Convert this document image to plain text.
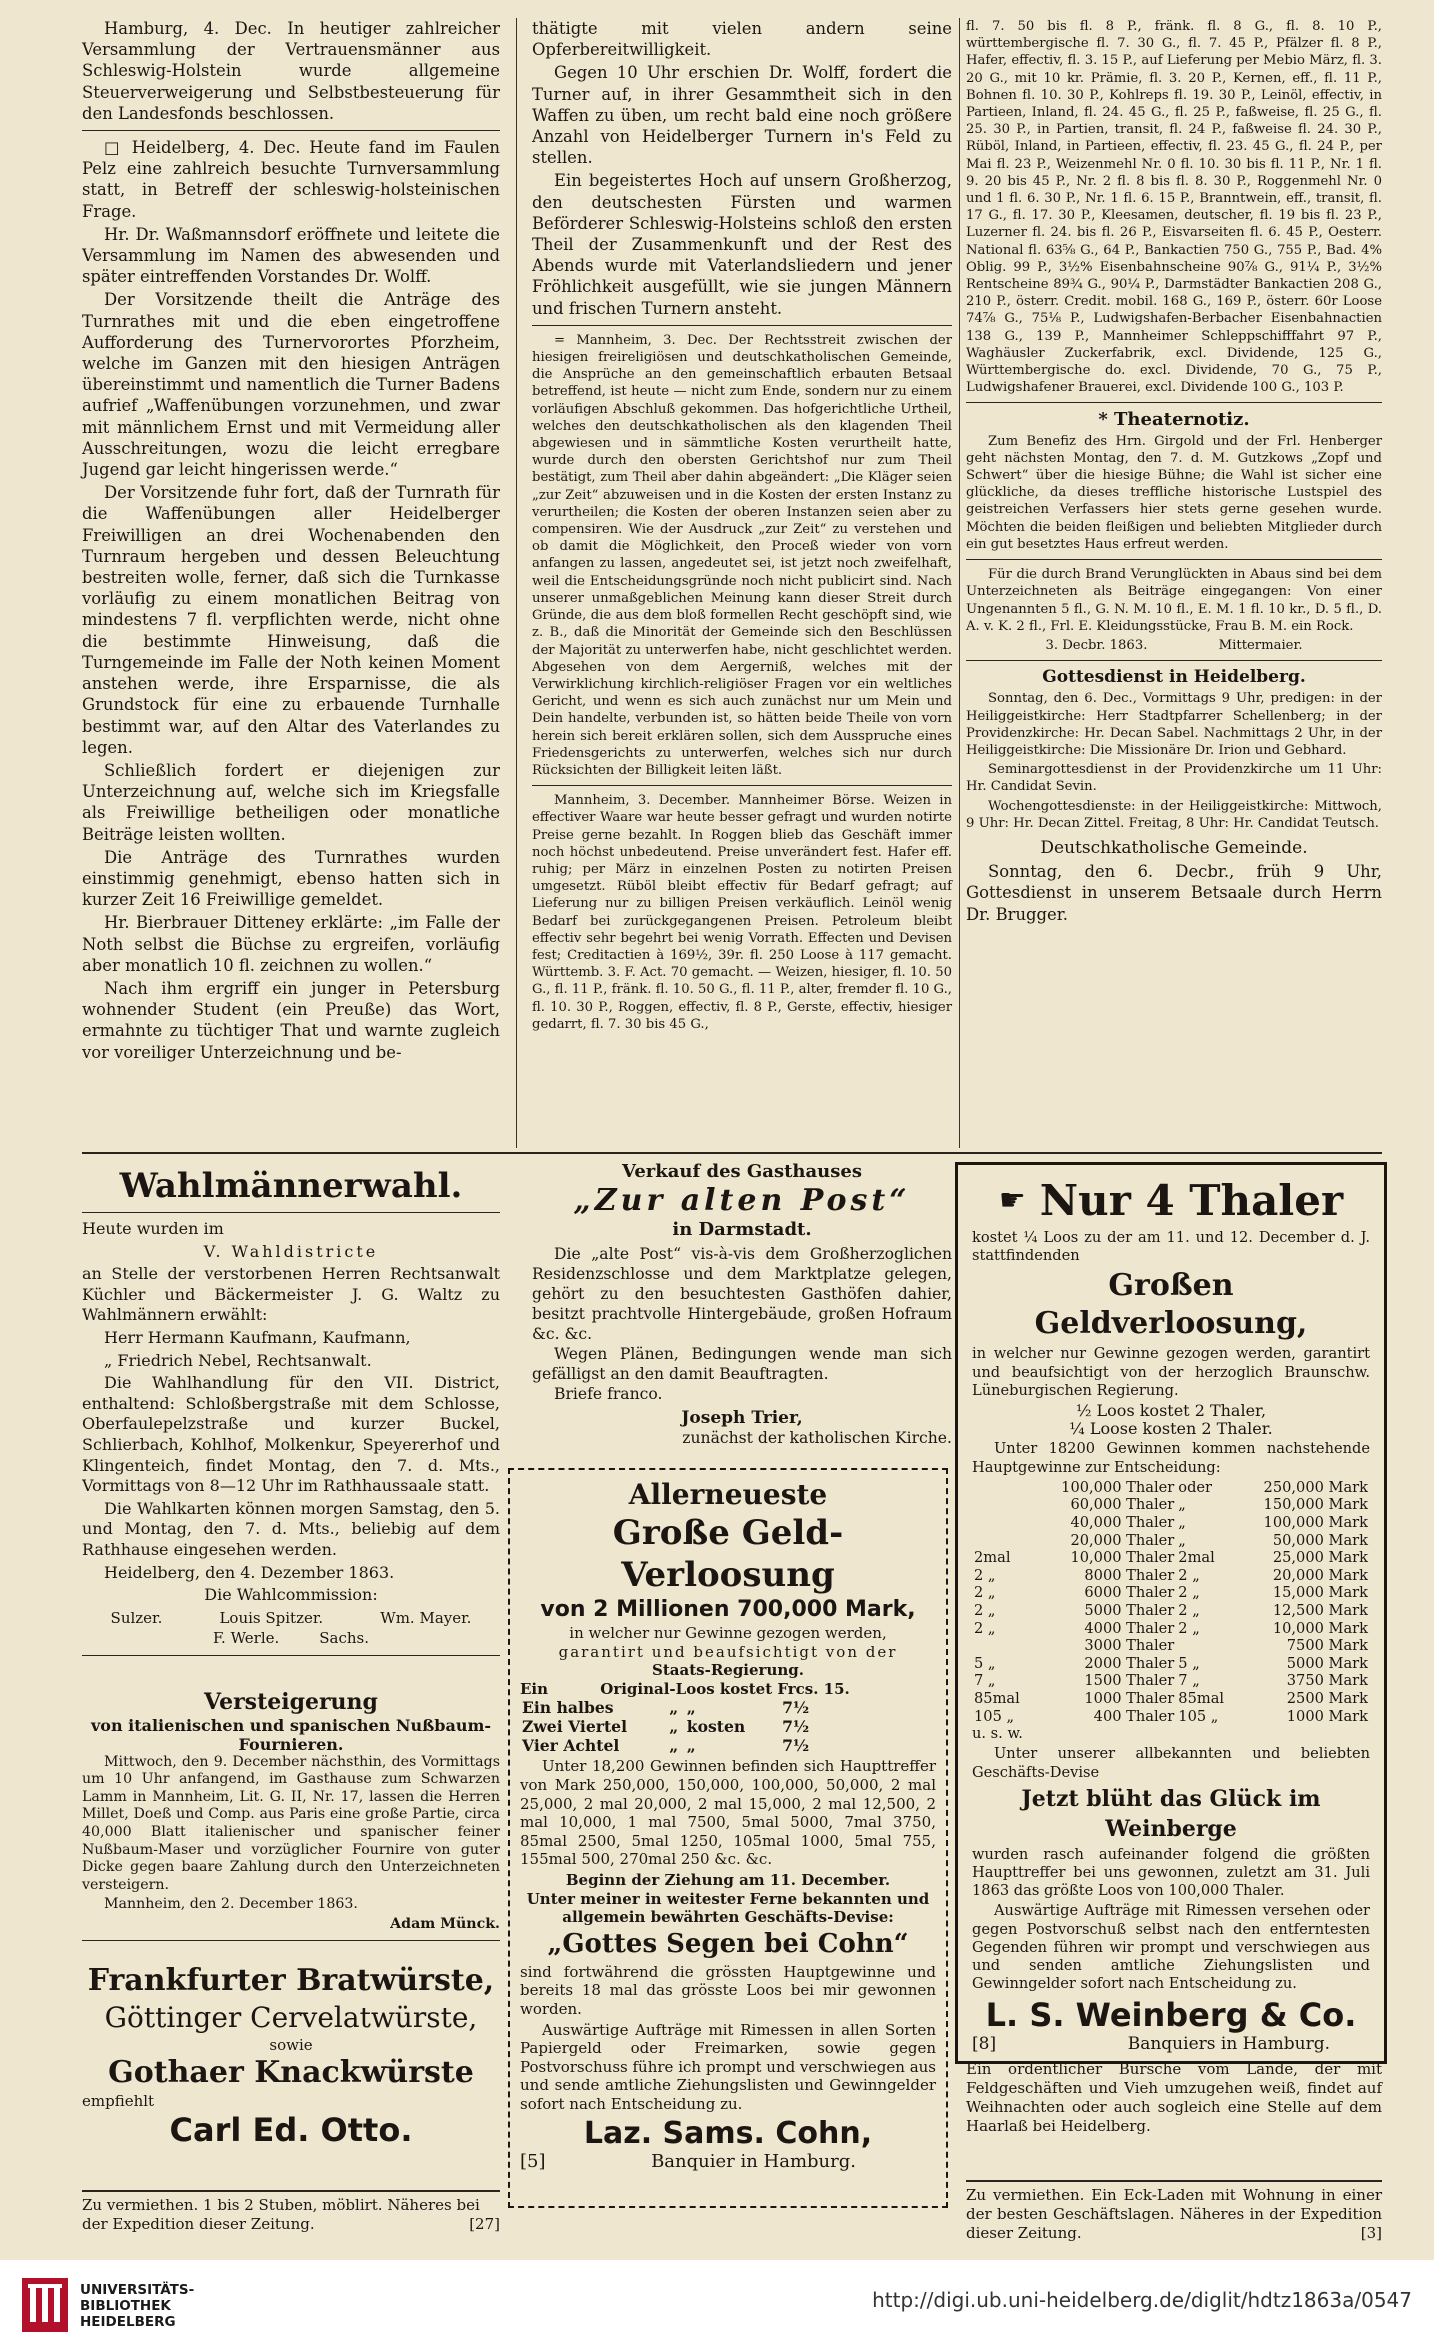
Hamburg, 4. Dec. In heutiger zahlreicher Versammlung der Vertrauensmänner aus Schleswig-Holstein wurde allgemeine Steuerverweigerung und Selbstbesteuerung für den Landesfonds beschlossen.

□ Heidelberg, 4. Dec. Heute fand im Faulen Pelz eine zahlreich besuchte Turnversammlung statt, in Betreff der schleswig-holsteinischen Frage.

Hr. Dr. Waßmannsdorf eröffnete und leitete die Versammlung im Namen des abwesenden und später eintreffenden Vorstandes Dr. Wolff.

Der Vorsitzende theilt die Anträge des Turnrathes mit und die eben eingetroffene Aufforderung des Turnervorortes Pforzheim, welche im Ganzen mit den hiesigen Anträgen übereinstimmt und namentlich die Turner Badens aufrief „Waffenübungen vorzunehmen, und zwar mit männlichem Ernst und mit Vermeidung aller Ausschreitungen, wozu die leicht erregbare Jugend gar leicht hingerissen werde.“

Der Vorsitzende fuhr fort, daß der Turnrath für die Waffenübungen aller Heidelberger Freiwilligen an drei Wochenabenden den Turnraum hergeben und dessen Beleuchtung bestreiten wolle, ferner, daß sich die Turnkasse vorläufig zu einem monatlichen Beitrag von mindestens 7 fl. verpflichten werde, nicht ohne die bestimmte Hinweisung, daß die Turngemeinde im Falle der Noth keinen Moment anstehen werde, ihre Ersparnisse, die als Grundstock für eine zu erbauende Turnhalle bestimmt war, auf den Altar des Vaterlandes zu legen.

Schließlich fordert er diejenigen zur Unterzeichnung auf, welche sich im Kriegsfalle als Freiwillige betheiligen oder monatliche Beiträge leisten wollten.

Die Anträge des Turnrathes wurden einstimmig genehmigt, ebenso hatten sich in kurzer Zeit 16 Freiwillige gemeldet.

Hr. Bierbrauer Ditteney erklärte: „im Falle der Noth selbst die Büchse zu ergreifen, vorläufig aber monatlich 10 fl. zeichnen zu wollen.“

Nach ihm ergriff ein junger in Petersburg wohnender Student (ein Preuße) das Wort, ermahnte zu tüchtiger That und warnte zugleich vor voreiliger Unterzeichnung und be-

thätigte mit vielen andern seine Opferbereitwilligkeit.

Gegen 10 Uhr erschien Dr. Wolff, fordert die Turner auf, in ihrer Gesammtheit sich in den Waffen zu üben, um recht bald eine noch größere Anzahl von Heidelberger Turnern in's Feld zu stellen.

Ein begeistertes Hoch auf unsern Großherzog, den deutschesten Fürsten und warmen Beförderer Schleswig-Holsteins schloß den ersten Theil der Zusammenkunft und der Rest des Abends wurde mit Vaterlandsliedern und jener Fröhlichkeit ausgefüllt, wie sie jungen Männern und frischen Turnern ansteht.

= Mannheim, 3. Dec. Der Rechtsstreit zwischen der hiesigen freireligiösen und deutschkatholischen Gemeinde, die Ansprüche an den gemeinschaftlich erbauten Betsaal betreffend, ist heute — nicht zum Ende, sondern nur zu einem vorläufigen Abschluß gekommen. Das hofgerichtliche Urtheil, welches den deutschkatholischen als den klagenden Theil abgewiesen und in sämmtliche Kosten verurtheilt hatte, wurde durch den obersten Gerichtshof nur zum Theil bestätigt, zum Theil aber dahin abgeändert: „Die Kläger seien „zur Zeit“ abzuweisen und in die Kosten der ersten Instanz zu verurtheilen; die Kosten der oberen Instanzen seien aber zu compensiren. Wie der Ausdruck „zur Zeit“ zu verstehen und ob damit die Möglichkeit, den Proceß wieder von vorn anfangen zu lassen, angedeutet sei, ist jetzt noch zweifelhaft, weil die Entscheidungsgründe noch nicht publicirt sind. Nach unserer unmaßgeblichen Meinung kann dieser Streit durch Gründe, die aus dem bloß formellen Recht geschöpft sind, wie z. B., daß die Minorität der Gemeinde sich den Beschlüssen der Majorität zu unterwerfen habe, nicht geschlichtet werden. Abgesehen von dem Aergerniß, welches mit der Verwirklichung kirchlich-religiöser Fragen vor ein weltliches Gericht, und wenn es sich auch zunächst nur um Mein und Dein handelte, verbunden ist, so hätten beide Theile von vorn herein sich bereit erklären sollen, sich dem Ausspruche eines Friedensgerichts zu unterwerfen, welches sich nur durch Rücksichten der Billigkeit leiten läßt.

Mannheim, 3. December. Mannheimer Börse. Weizen in effectiver Waare war heute besser gefragt und wurden notirte Preise gerne bezahlt. In Roggen blieb das Geschäft immer noch höchst unbedeutend. Preise unverändert fest. Hafer eff. ruhig; per März in einzelnen Posten zu notirten Preisen umgesetzt. Rüböl bleibt effectiv für Bedarf gefragt; auf Lieferung nur zu billigen Preisen verkäuflich. Leinöl wenig Bedarf bei zurückgegangenen Preisen. Petroleum bleibt effectiv sehr begehrt bei wenig Vorrath. Effecten und Devisen fest; Creditactien à 169½, 39r. fl. 250 Loose à 117 gemacht. Württemb. 3. F. Act. 70 gemacht. — Weizen, hiesiger, fl. 10. 50 G., fl. 11 P., fränk. fl. 10. 50 G., fl. 11 P., alter, fremder fl. 10 G., fl. 10. 30 P., Roggen, effectiv, fl. 8 P., Gerste, effectiv, hiesiger gedarrt, fl. 7. 30 bis 45 G.,

fl. 7. 50 bis fl. 8 P., fränk. fl. 8 G., fl. 8. 10 P., württembergische fl. 7. 30 G., fl. 7. 45 P., Pfälzer fl. 8 P., Hafer, effectiv, fl. 3. 15 P., auf Lieferung per Mebio März, fl. 3. 20 G., mit 10 kr. Prämie, fl. 3. 20 P., Kernen, eff., fl. 11 P., Bohnen fl. 10. 30 P., Kohlreps fl. 19. 30 P., Leinöl, effectiv, in Partieen, Inland, fl. 24. 45 G., fl. 25 P., faßweise, fl. 25 G., fl. 25. 30 P., in Partien, transit, fl. 24 P., faßweise fl. 24. 30 P., Rüböl, Inland, in Partieen, effectiv, fl. 23. 45 G., fl. 24 P., per Mai fl. 23 P., Weizenmehl Nr. 0 fl. 10. 30 bis fl. 11 P., Nr. 1 fl. 9. 20 bis 45 P., Nr. 2 fl. 8 bis fl. 8. 30 P., Roggenmehl Nr. 0 und 1 fl. 6. 30 P., Nr. 1 fl. 6. 15 P., Branntwein, eff., transit, fl. 17 G., fl. 17. 30 P., Kleesamen, deutscher, fl. 19 bis fl. 23 P., Luzerner fl. 24. bis fl. 26 P., Eisvarseiten fl. 6. 45 P., Oesterr. National fl. 63⅝ G., 64 P., Bankactien 750 G., 755 P., Bad. 4% Oblig. 99 P., 3½% Eisenbahnscheine 90⅞ G., 91¼ P., 3½% Rentscheine 89¾ G., 90¼ P., Darmstädter Bankactien 208 G., 210 P., österr. Credit. mobil. 168 G., 169 P., österr. 60r Loose 74⅞ G., 75⅛ P., Ludwigshafen-Berbacher Eisenbahnactien 138 G., 139 P., Mannheimer Schleppschifffahrt 97 P., Waghäusler Zuckerfabrik, excl. Dividende, 125 G., Württembergische do. excl. Dividende, 70 G., 75 P., Ludwigshafener Brauerei, excl. Dividende 100 G., 103 P.

* Theaternotiz.

Zum Benefiz des Hrn. Girgold und der Frl. Henberger geht nächsten Montag, den 7. d. M. Gutzkows „Zopf und Schwert“ über die hiesige Bühne; die Wahl ist sicher eine glückliche, da dieses treffliche historische Lustspiel des geistreichen Verfassers hier stets gerne gesehen wurde. Möchten die beiden fleißigen und beliebten Mitglieder durch ein gut besetztes Haus erfreut werden.

Für die durch Brand Verunglückten in Abaus sind bei dem Unterzeichneten als Beiträge eingegangen: Von einer Ungenannten 5 fl., G. N. M. 10 fl., E. M. 1 fl. 10 kr., D. 5 fl., D. A. v. K. 2 fl., Frl. E. Kleidungsstücke, Frau B. M. ein Rock.

3. Decbr. 1863.                 Mittermaier.

Gottesdienst in Heidelberg.

Sonntag, den 6. Dec., Vormittags 9 Uhr, predigen: in der Heiliggeistkirche: Herr Stadtpfarrer Schellenberg; in der Providenzkirche: Hr. Decan Sabel. Nachmittags 2 Uhr, in der Heiliggeistkirche: Die Missionäre Dr. Irion und Gebhard.

Seminargottesdienst in der Providenzkirche um 11 Uhr: Hr. Candidat Sevin.

Wochengottesdienste: in der Heiliggeistkirche: Mittwoch, 9 Uhr: Hr. Decan Zittel. Freitag, 8 Uhr: Hr. Candidat Teutsch.

Deutschkatholische Gemeinde.

Sonntag, den 6. Decbr., früh 9 Uhr, Gottesdienst in unserem Betsaale durch Herrn Dr. Brugger.

Wahlmännerwahl.

Heute wurden im

V. Wahldistricte

an Stelle der verstorbenen Herren Rechtsanwalt Küchler und Bäckermeister J. G. Waltz zu Wahlmännern erwählt:

Herr Hermann Kaufmann, Kaufmann,

„ Friedrich Nebel, Rechtsanwalt.

Die Wahlhandlung für den VII. District, enthaltend: Schloßbergstraße mit dem Schlosse, Oberfaulepelzstraße und kurzer Buckel, Schlierbach, Kohlhof, Molkenkur, Speyererhof und Klingenteich, findet Montag, den 7. d. Mts., Vormittags von 8—12 Uhr im Rathhaussaale statt.

Die Wahlkarten können morgen Samstag, den 5. und Montag, den 7. d. Mts., beliebig auf dem Rathhause eingesehen werden.

Heidelberg, den 4. Dezember 1863.

Die Wahlcommission:

Sulzer.	Louis Spitzer.	Wm. Mayer.
F. Werle.	Sachs.
Versteigerung
von italienischen und spanischen Nußbaum-Fournieren.

Mittwoch, den 9. December nächsthin, des Vormittags um 10 Uhr anfangend, im Gasthause zum Schwarzen Lamm in Mannheim, Lit. G. II, Nr. 17, lassen die Herren Millet, Doeß und Comp. aus Paris eine große Partie, circa 40,000 Blatt italienischer und spanischer feiner Nußbaum-Maser und vorzüglicher Fournire von guter Dicke gegen baare Zahlung durch den Unterzeichneten versteigern.

Mannheim, den 2. December 1863.

Adam Münck.

Frankfurter Bratwürste,
Göttinger Cervelatwürste,
sowie
Gothaer Knackwürste
empfiehlt
Carl Ed. Otto.
Zu vermiethen. 1 bis 2 Stuben, möblirt. Näheres bei der Expedition dieser Zeitung.	[27]
Verkauf des Gasthauses
„Zur alten Post“
in Darmstadt.

Die „alte Post“ vis-à-vis dem Großherzoglichen Residenzschlosse und dem Marktplatze gelegen, gehört zu den besuchtesten Gasthöfen dahier, besitzt prachtvolle Hintergebäude, großen Hofraum &c. &c.

Wegen Plänen, Bedingungen wende man sich gefälligst an den damit Beauftragten.

Briefe franco.

Joseph Trier,

zunächst der katholischen Kirche.

Allerneueste
Große Geld-Verloosung
von 2 Millionen 700,000 Mark,
in welcher nur Gewinne gezogen werden,
garantirt und beaufsichtigt von der
Staats-Regierung.
Ein          Original-Loos kostet Frcs. 15.
Ein halbes	„	„	7½
Zwei Viertel	„	kosten	7½
Vier Achtel	„	„	7½

Unter 18,200 Gewinnen befinden sich Haupttreffer von Mark 250,000, 150,000, 100,000, 50,000, 2 mal 25,000, 2 mal 20,000, 2 mal 15,000, 2 mal 12,500, 2 mal 10,000, 1 mal 7500, 5mal 5000, 7mal 3750, 85mal 2500, 5mal 1250, 105mal 1000, 5mal 755, 155mal 500, 270mal 250 &c. &c.

Beginn der Ziehung am 11. December.
Unter meiner in weitester Ferne bekannten und allgemein bewährten Geschäfts-Devise:
„Gottes Segen bei Cohn“

sind fortwährend die grössten Hauptgewinne und bereits 18 mal das grösste Loos bei mir gewonnen worden.

Auswärtige Aufträge mit Rimessen in allen Sorten Papiergeld oder Freimarken, sowie gegen Postvorschuss führe ich prompt und verschwiegen aus und sende amtliche Ziehungslisten und Gewinngelder sofort nach Entscheidung zu.

Laz. Sams. Cohn,
[5]	Banquier in Hamburg.
☛ Nur 4 Thaler

kostet ¼ Loos zu der am 11. und 12. December d. J. stattfindenden

Großen Geldverloosung,

in welcher nur Gewinne gezogen werden, garantirt und beaufsichtigt von der herzoglich Braunschw. Lüneburgischen Regierung.

½ Loos kostet 2 Thaler,
¼ Loose kosten 2 Thaler.

Unter 18200 Gewinnen kommen nachstehende Hauptgewinne zur Entscheidung:

	100,000 Thaler	oder	250,000 Mark
	60,000 Thaler	„	150,000 Mark
	40,000 Thaler	„	100,000 Mark
	20,000 Thaler	„	50,000 Mark
2mal	10,000 Thaler	2mal	25,000 Mark
2 „	8000 Thaler	2 „	20,000 Mark
2 „	6000 Thaler	2 „	15,000 Mark
2 „	5000 Thaler	2 „	12,500 Mark
2 „	4000 Thaler	2 „	10,000 Mark
	3000 Thaler		7500 Mark
5 „	2000 Thaler	5 „	5000 Mark
7 „	1500 Thaler	7 „	3750 Mark
85mal	1000 Thaler	85mal	2500 Mark
105 „	400 Thaler	105 „	1000 Mark
u. s. w.

Unter unserer allbekannten und beliebten Geschäfts-Devise

Jetzt blüht das Glück im Weinberge

wurden rasch aufeinander folgend die größten Haupttreffer bei uns gewonnen, zuletzt am 31. Juli 1863 das größte Loos von 100,000 Thaler.

Auswärtige Aufträge mit Rimessen versehen oder gegen Postvorschuß selbst nach den entferntesten Gegenden führen wir prompt und verschwiegen aus und senden amtliche Ziehungslisten und Gewinngelder sofort nach Entscheidung zu.

L. S. Weinberg & Co.
[8]	Banquiers in Hamburg.

Ein ordentlicher Bursche vom Lande, der mit Feldgeschäften und Vieh umzugehen weiß, findet auf Weihnachten oder auch sogleich eine Stelle auf dem Haarlaß bei Heidelberg.

Zu vermiethen. Ein Eck-Laden mit Wohnung in einer der besten Geschäftslagen. Näheres in der Expedition dieser Zeitung.	[3]
UNIVERSITÄTS-
BIBLIOTHEK
HEIDELBERG
http://digi.ub.uni-heidelberg.de/diglit/hdtz1863a/0547
